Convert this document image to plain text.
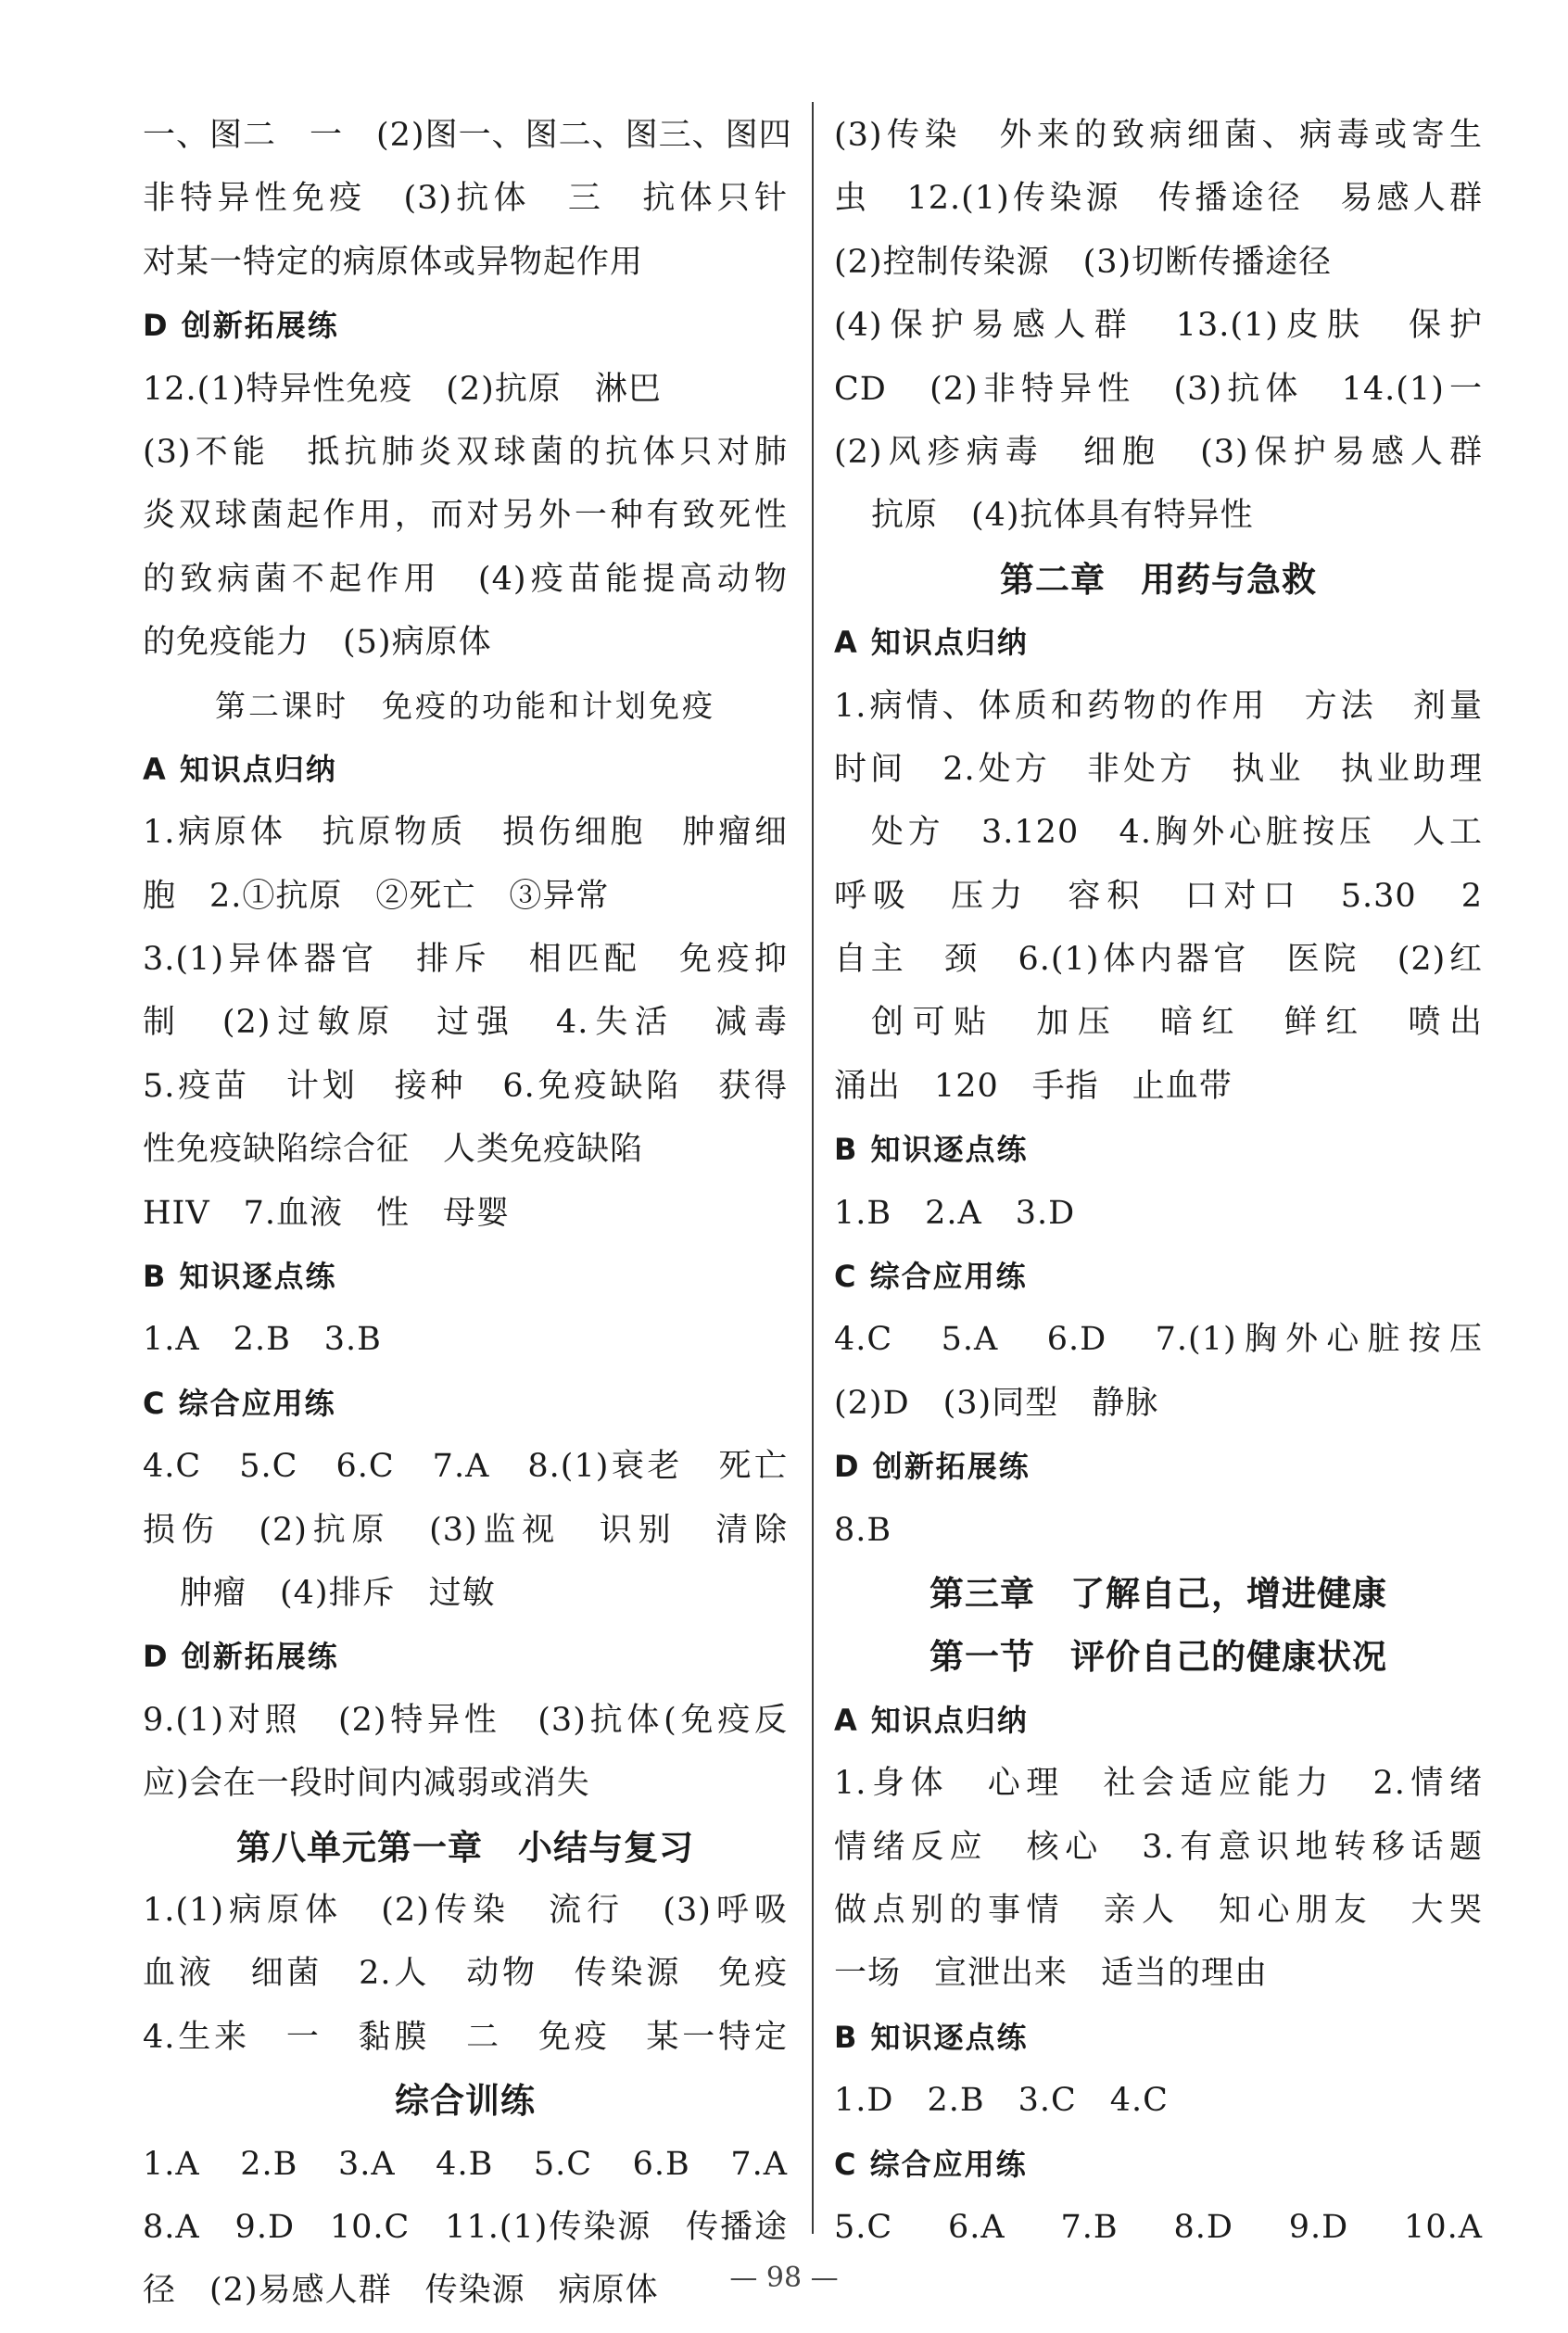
一、图二　一　(2)图一、图二、图三、图四
非特异性免疫　(3)抗体　三　抗体只针
对某一特定的病原体或异物起作用
D 创新拓展练
12.(1)特异性免疫　(2)抗原　淋巴
(3)不能　抵抗肺炎双球菌的抗体只对肺
炎双球菌起作用，而对另外一种有致死性
的致病菌不起作用　(4)疫苗能提高动物
的免疫能力　(5)病原体
第二课时　免疫的功能和计划免疫
A 知识点归纳
1.病原体　抗原物质　损伤细胞　肿瘤细
胞　2.①抗原　②死亡　③异常
3.(1)异体器官　排斥　相匹配　免疫抑
制　(2)过敏原　过强　4.失活　减毒
5.疫苗　计划　接种　6.免疫缺陷　获得
性免疫缺陷综合征　人类免疫缺陷
HIV　7.血液　性　母婴
B 知识逐点练
1.A　2.B　3.B
C 综合应用练
4.C　5.C　6.C　7.A　8.(1)衰老　死亡
损伤　(2)抗原　(3)监视　识别　清除
肿瘤　(4)排斥　过敏
D 创新拓展练
9.(1)对照　(2)特异性　(3)抗体(免疫反
应)会在一段时间内减弱或消失
第八单元第一章　小结与复习
1.(1)病原体　(2)传染　流行　(3)呼吸
血液　细菌　2.人　动物　传染源　免疫
4.生来　一　黏膜　二　免疫　某一特定
综合训练
1.A　2.B　3.A　4.B　5.C　6.B　7.A
8.A　9.D　10.C　11.(1)传染源　传播途
径　(2)易感人群　传染源　病原体
(3)传染　外来的致病细菌、病毒或寄生
虫　12.(1)传染源　传播途径　易感人群
(2)控制传染源　(3)切断传播途径
(4)保护易感人群　13.(1)皮肤　保护
CD　(2)非特异性　(3)抗体　14.(1)一
(2)风疹病毒　细胞　(3)保护易感人群
抗原　(4)抗体具有特异性
第二章　用药与急救
A 知识点归纳
1.病情、体质和药物的作用　方法　剂量
时间　2.处方　非处方　执业　执业助理
处方　3.120　4.胸外心脏按压　人工
呼吸　压力　容积　口对口　5.30　2
自主　颈　6.(1)体内器官　医院　(2)红
创可贴　加压　暗红　鲜红　喷出
涌出　120　手指　止血带
B 知识逐点练
1.B　2.A　3.D
C 综合应用练
4.C　5.A　6.D　7.(1)胸外心脏按压
(2)D　(3)同型　静脉
D 创新拓展练
8.B
第三章　了解自己，增进健康
第一节　评价自己的健康状况
A 知识点归纳
1.身体　心理　社会适应能力　2.情绪
情绪反应　核心　3.有意识地转移话题
做点别的事情　亲人　知心朋友　大哭
一场　宣泄出来　适当的理由
B 知识逐点练
1.D　2.B　3.C　4.C
C 综合应用练
5.C　6.A　7.B　8.D　9.D　10.A
— 98 —
